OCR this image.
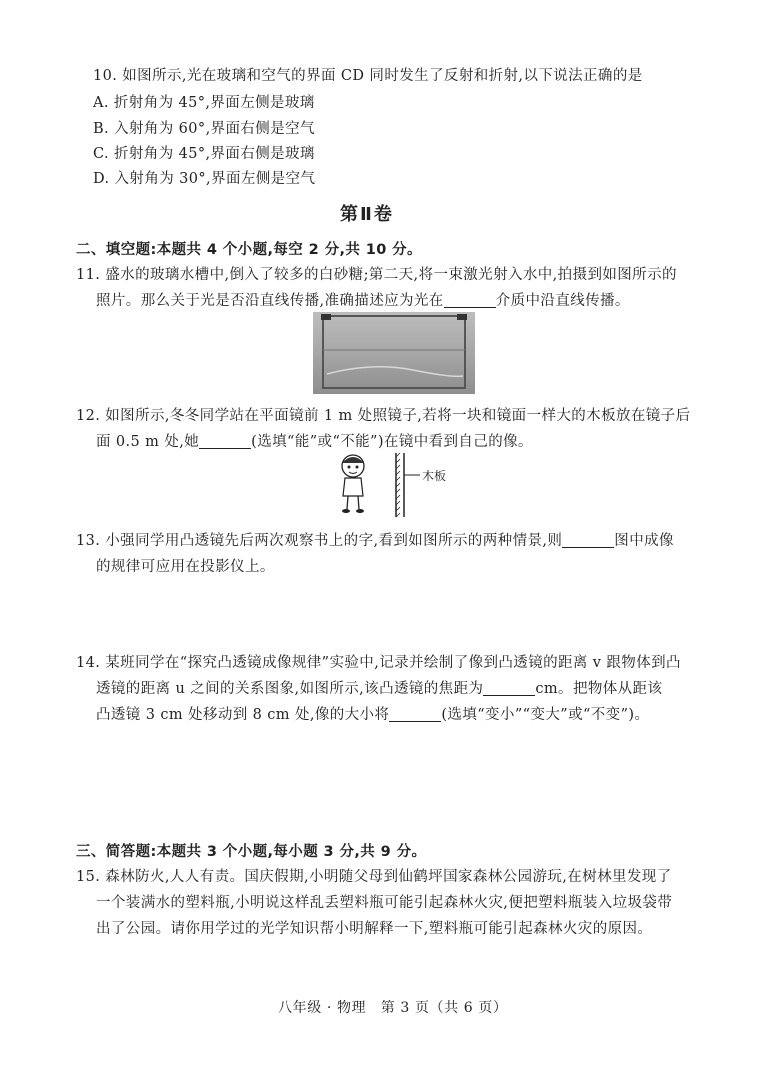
10. 如图所示,光在玻璃和空气的界面 CD 同时发生了反射和折射,以下说法正确的是
A. 折射角为 45°,界面左侧是玻璃
B. 入射角为 60°,界面右侧是空气
C. 折射角为 45°,界面右侧是玻璃
D. 入射角为 30°,界面左侧是空气
第Ⅱ卷
二、填空题:本题共 4 个小题,每空 2 分,共 10 分。
11. 盛水的玻璃水槽中,倒入了较多的白砂糖;第二天,将一束激光射入水中,拍摄到如图所示的
照片。那么关于光是否沿直线传播,准确描述应为光在	介质中沿直线传播。
12. 如图所示,冬冬同学站在平面镜前 1 m 处照镜子,若将一块和镜面一样大的木板放在镜子后
面 0.5 m 处,她	(选填“能”或“不能”)在镜中看到自己的像。
木板
13. 小强同学用凸透镜先后两次观察书上的字,看到如图所示的两种情景,则	图中成像
的规律可应用在投影仪上。
14. 某班同学在“探究凸透镜成像规律”实验中,记录并绘制了像到凸透镜的距离 v 跟物体到凸
透镜的距离 u 之间的关系图象,如图所示,该凸透镜的焦距为	cm。把物体从距该
凸透镜 3 cm 处移动到 8 cm 处,像的大小将	(选填“变小”“变大”或“不变”)。
三、简答题:本题共 3 个小题,每小题 3 分,共 9 分。
15. 森林防火,人人有责。国庆假期,小明随父母到仙鹤坪国家森林公园游玩,在树林里发现了
一个装满水的塑料瓶,小明说这样乱丢塑料瓶可能引起森林火灾,便把塑料瓶装入垃圾袋带
出了公园。请你用学过的光学知识帮小明解释一下,塑料瓶可能引起森林火灾的原因。
八年级 · 物理　第 3 页（共 6 页）
